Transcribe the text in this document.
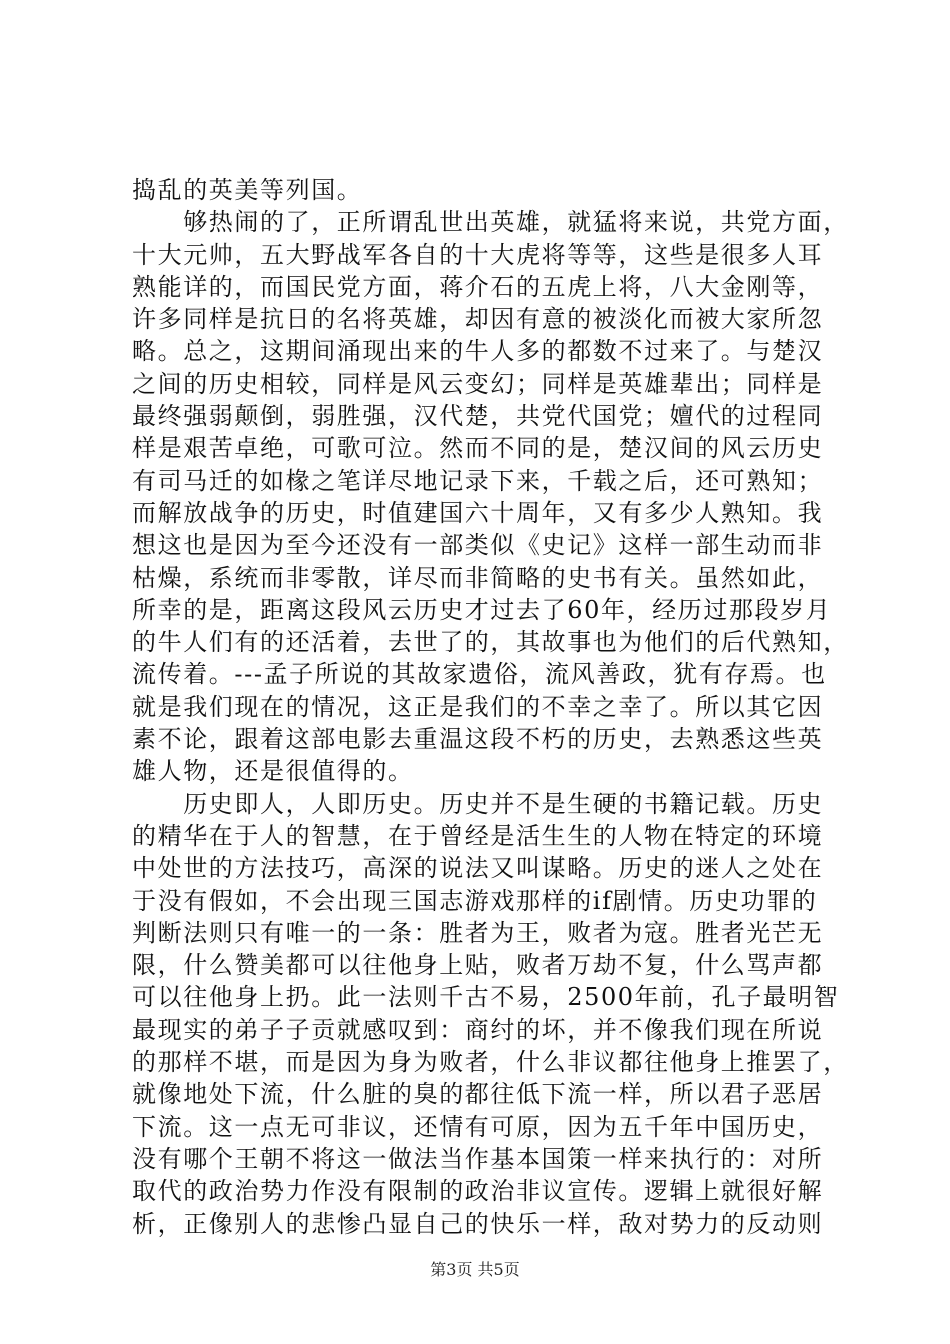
捣乱的英美等列国。
　　够热闹的了，正所谓乱世出英雄，就猛将来说，共党方面，
十大元帅，五大野战军各自的十大虎将等等，这些是很多人耳
熟能详的，而国民党方面，蒋介石的五虎上将，八大金刚等，
许多同样是抗日的名将英雄，却因有意的被淡化而被大家所忽
略。总之，这期间涌现出来的牛人多的都数不过来了。与楚汉
之间的历史相较，同样是风云变幻；同样是英雄辈出；同样是
最终强弱颠倒，弱胜强，汉代楚，共党代国党；嬗代的过程同
样是艰苦卓绝，可歌可泣。然而不同的是，楚汉间的风云历史
有司马迁的如椽之笔详尽地记录下来，千载之后，还可熟知；
而解放战争的历史，时值建国六十周年，又有多少人熟知。我
想这也是因为至今还没有一部类似《史记》这样一部生动而非
枯燥，系统而非零散，详尽而非简略的史书有关。虽然如此，
所幸的是，距离这段风云历史才过去了60年，经历过那段岁月
的牛人们有的还活着，去世了的，其故事也为他们的后代熟知，
流传着。---孟子所说的其故家遗俗，流风善政，犹有存焉。也
就是我们现在的情况，这正是我们的不幸之幸了。所以其它因
素不论，跟着这部电影去重温这段不朽的历史，去熟悉这些英
雄人物，还是很值得的。
　　历史即人，人即历史。历史并不是生硬的书籍记载。历史
的精华在于人的智慧，在于曾经是活生生的人物在特定的环境
中处世的方法技巧，高深的说法又叫谋略。历史的迷人之处在
于没有假如，不会出现三国志游戏那样的if剧情。历史功罪的
判断法则只有唯一的一条：胜者为王，败者为寇。胜者光芒无
限，什么赞美都可以往他身上贴，败者万劫不复，什么骂声都
可以往他身上扔。此一法则千古不易，2500年前，孔子最明智
最现实的弟子子贡就感叹到：商纣的坏，并不像我们现在所说
的那样不堪，而是因为身为败者，什么非议都往他身上推罢了，
就像地处下流，什么脏的臭的都往低下流一样，所以君子恶居
下流。这一点无可非议，还情有可原，因为五千年中国历史，
没有哪个王朝不将这一做法当作基本国策一样来执行的：对所
取代的政治势力作没有限制的政治非议宣传。逻辑上就很好解
析，正像别人的悲惨凸显自己的快乐一样，敌对势力的反动则
第3页 共5页
